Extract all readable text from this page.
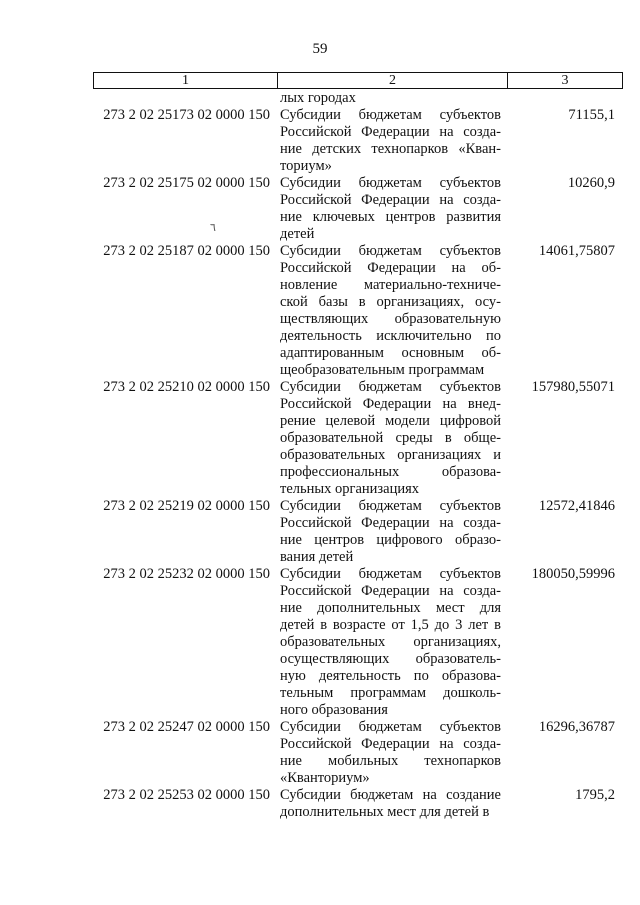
59
1	2	3
лых городах
273 2 02 25173 02 0000 150 Субсидии бюджетам субъектов
Российской Федерации на созда-
ние детских технопарков «Кван-
ториум»
71155,1
273 2 02 25175 02 0000 150 Субсидии бюджетам субъектов
Российской Федерации на созда-
ние ключевых центров развития
детей
10260,9
273 2 02 25187 02 0000 150 Субсидии бюджетам субъектов
Российской Федерации на об-
новление материально-техниче-
ской базы в организациях, осу-
ществляющих образовательную
деятельность исключительно по
адаптированным основным об-
щеобразовательным программам
14061,75807
273 2 02 25210 02 0000 150 Субсидии бюджетам субъектов
Российской Федерации на внед-
рение целевой модели цифровой
образовательной среды в обще-
образовательных организациях и
профессиональных образова-
тельных организациях
157980,55071
273 2 02 25219 02 0000 150 Субсидии бюджетам субъектов
Российской Федерации на созда-
ние центров цифрового образо-
вания детей
12572,41846
273 2 02 25232 02 0000 150 Субсидии бюджетам субъектов
Российской Федерации на созда-
ние дополнительных мест для
детей в возрасте от 1,5 до 3 лет в
образовательных организациях,
осуществляющих образователь-
ную деятельность по образова-
тельным программам дошколь-
ного образования
180050,59996
273 2 02 25247 02 0000 150 Субсидии бюджетам субъектов
Российской Федерации на созда-
ние мобильных технопарков
«Кванториум»
16296,36787
273 2 02 25253 02 0000 150 Субсидии бюджетам на создание
дополнительных мест для детей в
1795,2
٦
